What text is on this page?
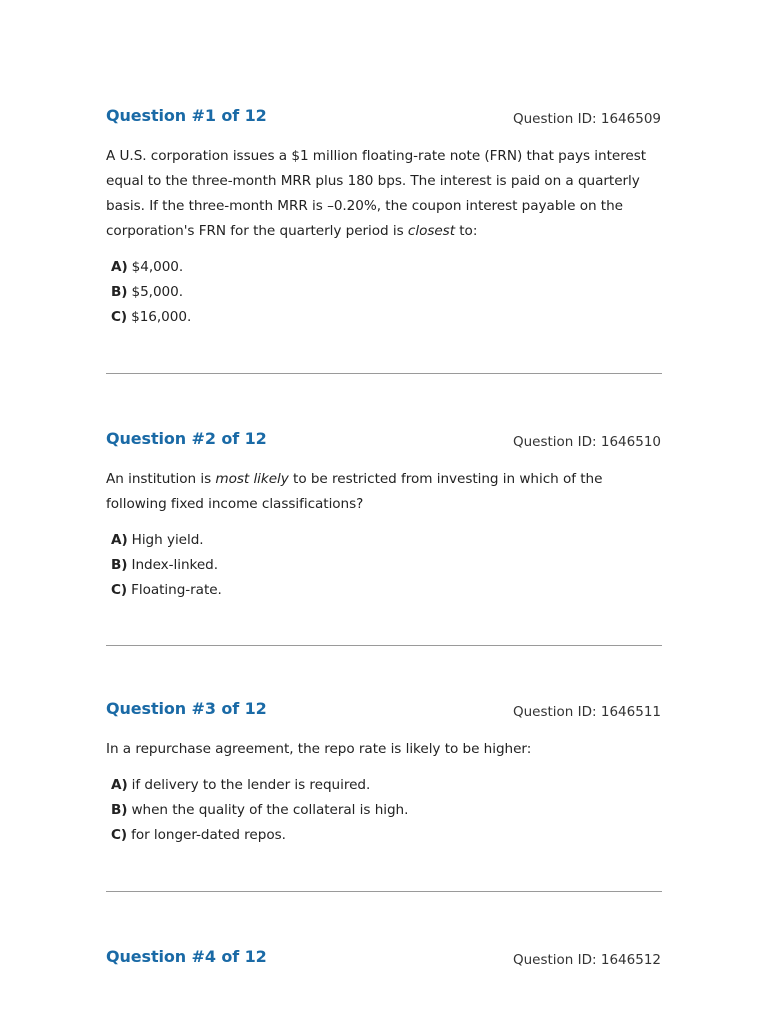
Question #1 of 12	Question ID: 1646509

A U.S. corporation issues a $1 million floating-rate note (FRN) that pays interest equal to the three-month MRR plus 180 bps. The interest is paid on a quarterly basis. If the three-month MRR is –0.20%, the coupon interest payable on the corporation's FRN for the quarterly period is closest to:

A) $4,000.
B) $5,000.
C) $16,000.
Question #2 of 12	Question ID: 1646510

An institution is most likely to be restricted from investing in which of the following fixed income classifications?

A) High yield.
B) Index-linked.
C) Floating-rate.
Question #3 of 12	Question ID: 1646511

In a repurchase agreement, the repo rate is likely to be higher:

A) if delivery to the lender is required.
B) when the quality of the collateral is high.
C) for longer-dated repos.
Question #4 of 12	Question ID: 1646512
